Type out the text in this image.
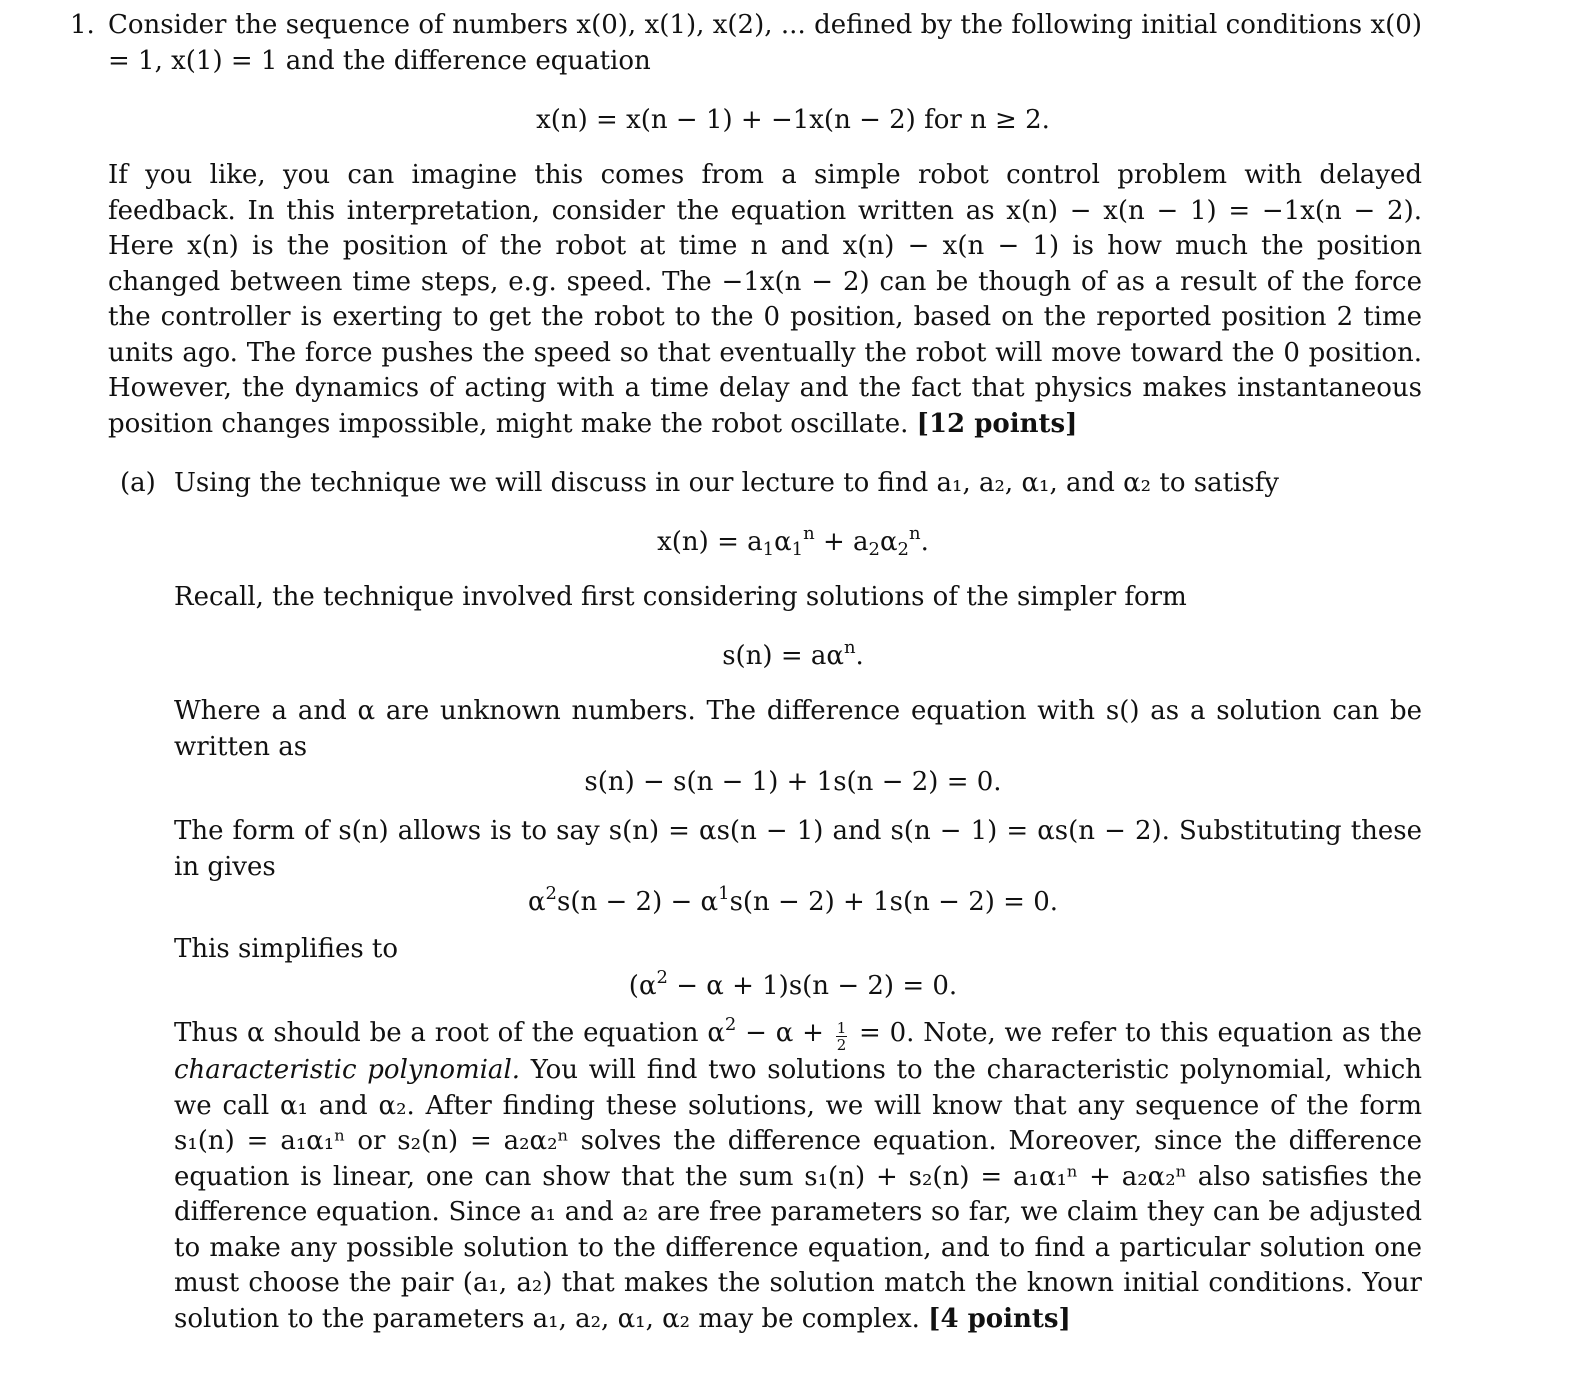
1. Consider the sequence of numbers x(0), x(1), x(2), ... defined by the following initial conditions x(0) = 1, x(1) = 1 and the difference equation

x(n) = x(n − 1) + −1x(n − 2) for n ≥ 2.

If you like, you can imagine this comes from a simple robot control problem with delayed feedback. In this interpretation, consider the equation written as x(n) − x(n − 1) = −1x(n − 2). Here x(n) is the position of the robot at time n and x(n) − x(n − 1) is how much the position changed between time steps, e.g. speed. The −1x(n − 2) can be though of as a result of the force the controller is exerting to get the robot to the 0 position, based on the reported position 2 time units ago. The force pushes the speed so that eventually the robot will move toward the 0 position. However, the dynamics of acting with a time delay and the fact that physics makes instantaneous position changes impossible, might make the robot oscillate. [12 points]

(a) Using the technique we will discuss in our lecture to find a₁, a₂, α₁, and α₂ to satisfy

$x(n) = a_1\alpha_1^n + a_2\alpha_2^n$.

Recall, the technique involved first considering solutions of the simpler form

$s(n) = a\alpha^n$.

Where a and α are unknown numbers. The difference equation with s() as a solution can be written as

s(n) − s(n − 1) + 1s(n − 2) = 0.

The form of s(n) allows is to say s(n) = αs(n − 1) and s(n − 1) = αs(n − 2). Substituting these in gives

$\alpha^2s(n - 2) - \alpha^1s(n - 2) + 1s(n - 2) = 0$.

This simplifies to

$(\alpha^2 - \alpha + 1)s(n - 2) = 0$.

Thus α should be a root of the equation $\alpha^2 - \alpha + \frac{1}{2} = 0$. Note, we refer to this equation as the characteristic polynomial. You will find two solutions to the characteristic polynomial, which we call α₁ and α₂. After finding these solutions, we will know that any sequence of the form s₁(n) = a₁α₁ⁿ or s₂(n) = a₂α₂ⁿ solves the difference equation. Moreover, since the difference equation is linear, one can show that the sum s₁(n) + s₂(n) = a₁α₁ⁿ + a₂α₂ⁿ also satisfies the difference equation. Since a₁ and a₂ are free parameters so far, we claim they can be adjusted to make any possible solution to the difference equation, and to find a particular solution one must choose the pair (a₁, a₂) that makes the solution match the known initial conditions. Your solution to the parameters a₁, a₂, α₁, α₂ may be complex. [4 points]
